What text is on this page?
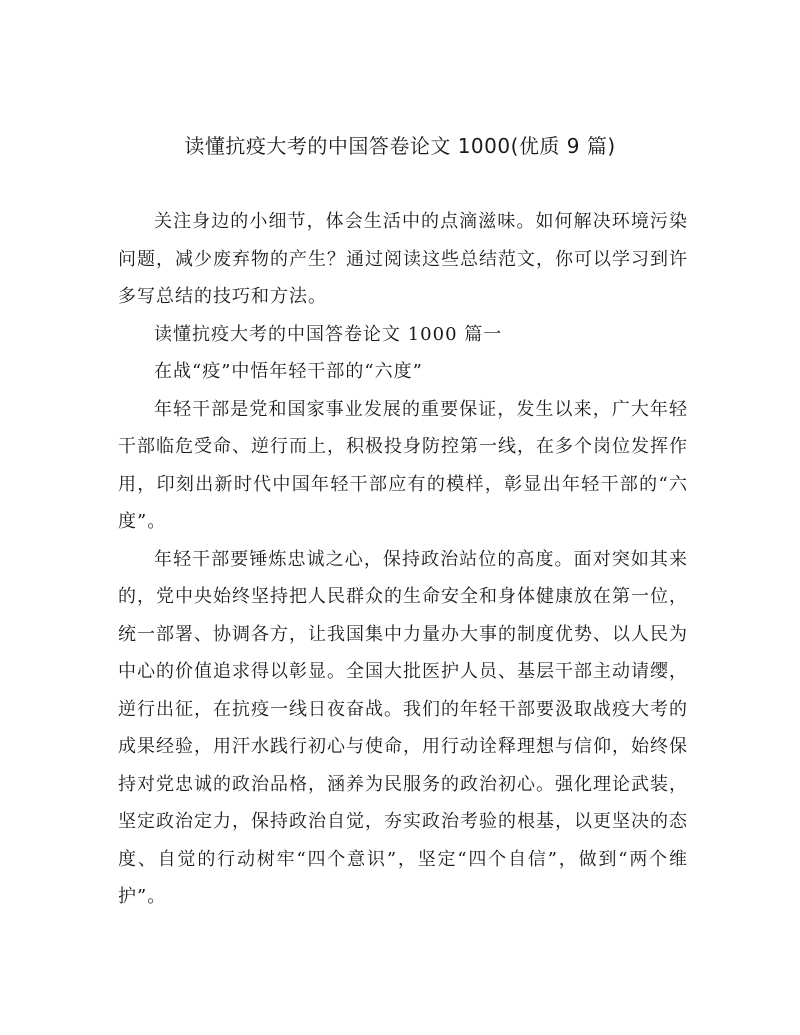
读懂抗疫大考的中国答卷论文 1000(优质 9 篇)

关注身边的小细节，体会生活中的点滴滋味。如何解决环境污染问题，减少废弃物的产生？通过阅读这些总结范文，你可以学习到许多写总结的技巧和方法。

读懂抗疫大考的中国答卷论文 1000 篇一

在战“疫”中悟年轻干部的“六度”

年轻干部是党和国家事业发展的重要保证，发生以来，广大年轻干部临危受命、逆行而上，积极投身防控第一线，在多个岗位发挥作用，印刻出新时代中国年轻干部应有的模样，彰显出年轻干部的“六度”。

年轻干部要锤炼忠诚之心，保持政治站位的高度。面对突如其来的，党中央始终坚持把人民群众的生命安全和身体健康放在第一位，统一部署、协调各方，让我国集中力量办大事的制度优势、以人民为中心的价值追求得以彰显。全国大批医护人员、基层干部主动请缨，逆行出征，在抗疫一线日夜奋战。我们的年轻干部要汲取战疫大考的成果经验，用汗水践行初心与使命，用行动诠释理想与信仰，始终保持对党忠诚的政治品格，涵养为民服务的政治初心。强化理论武装，坚定政治定力，保持政治自觉，夯实政治考验的根基，以更坚决的态度、自觉的行动树牢“四个意识”，坚定“四个自信”，做到“两个维护”。
